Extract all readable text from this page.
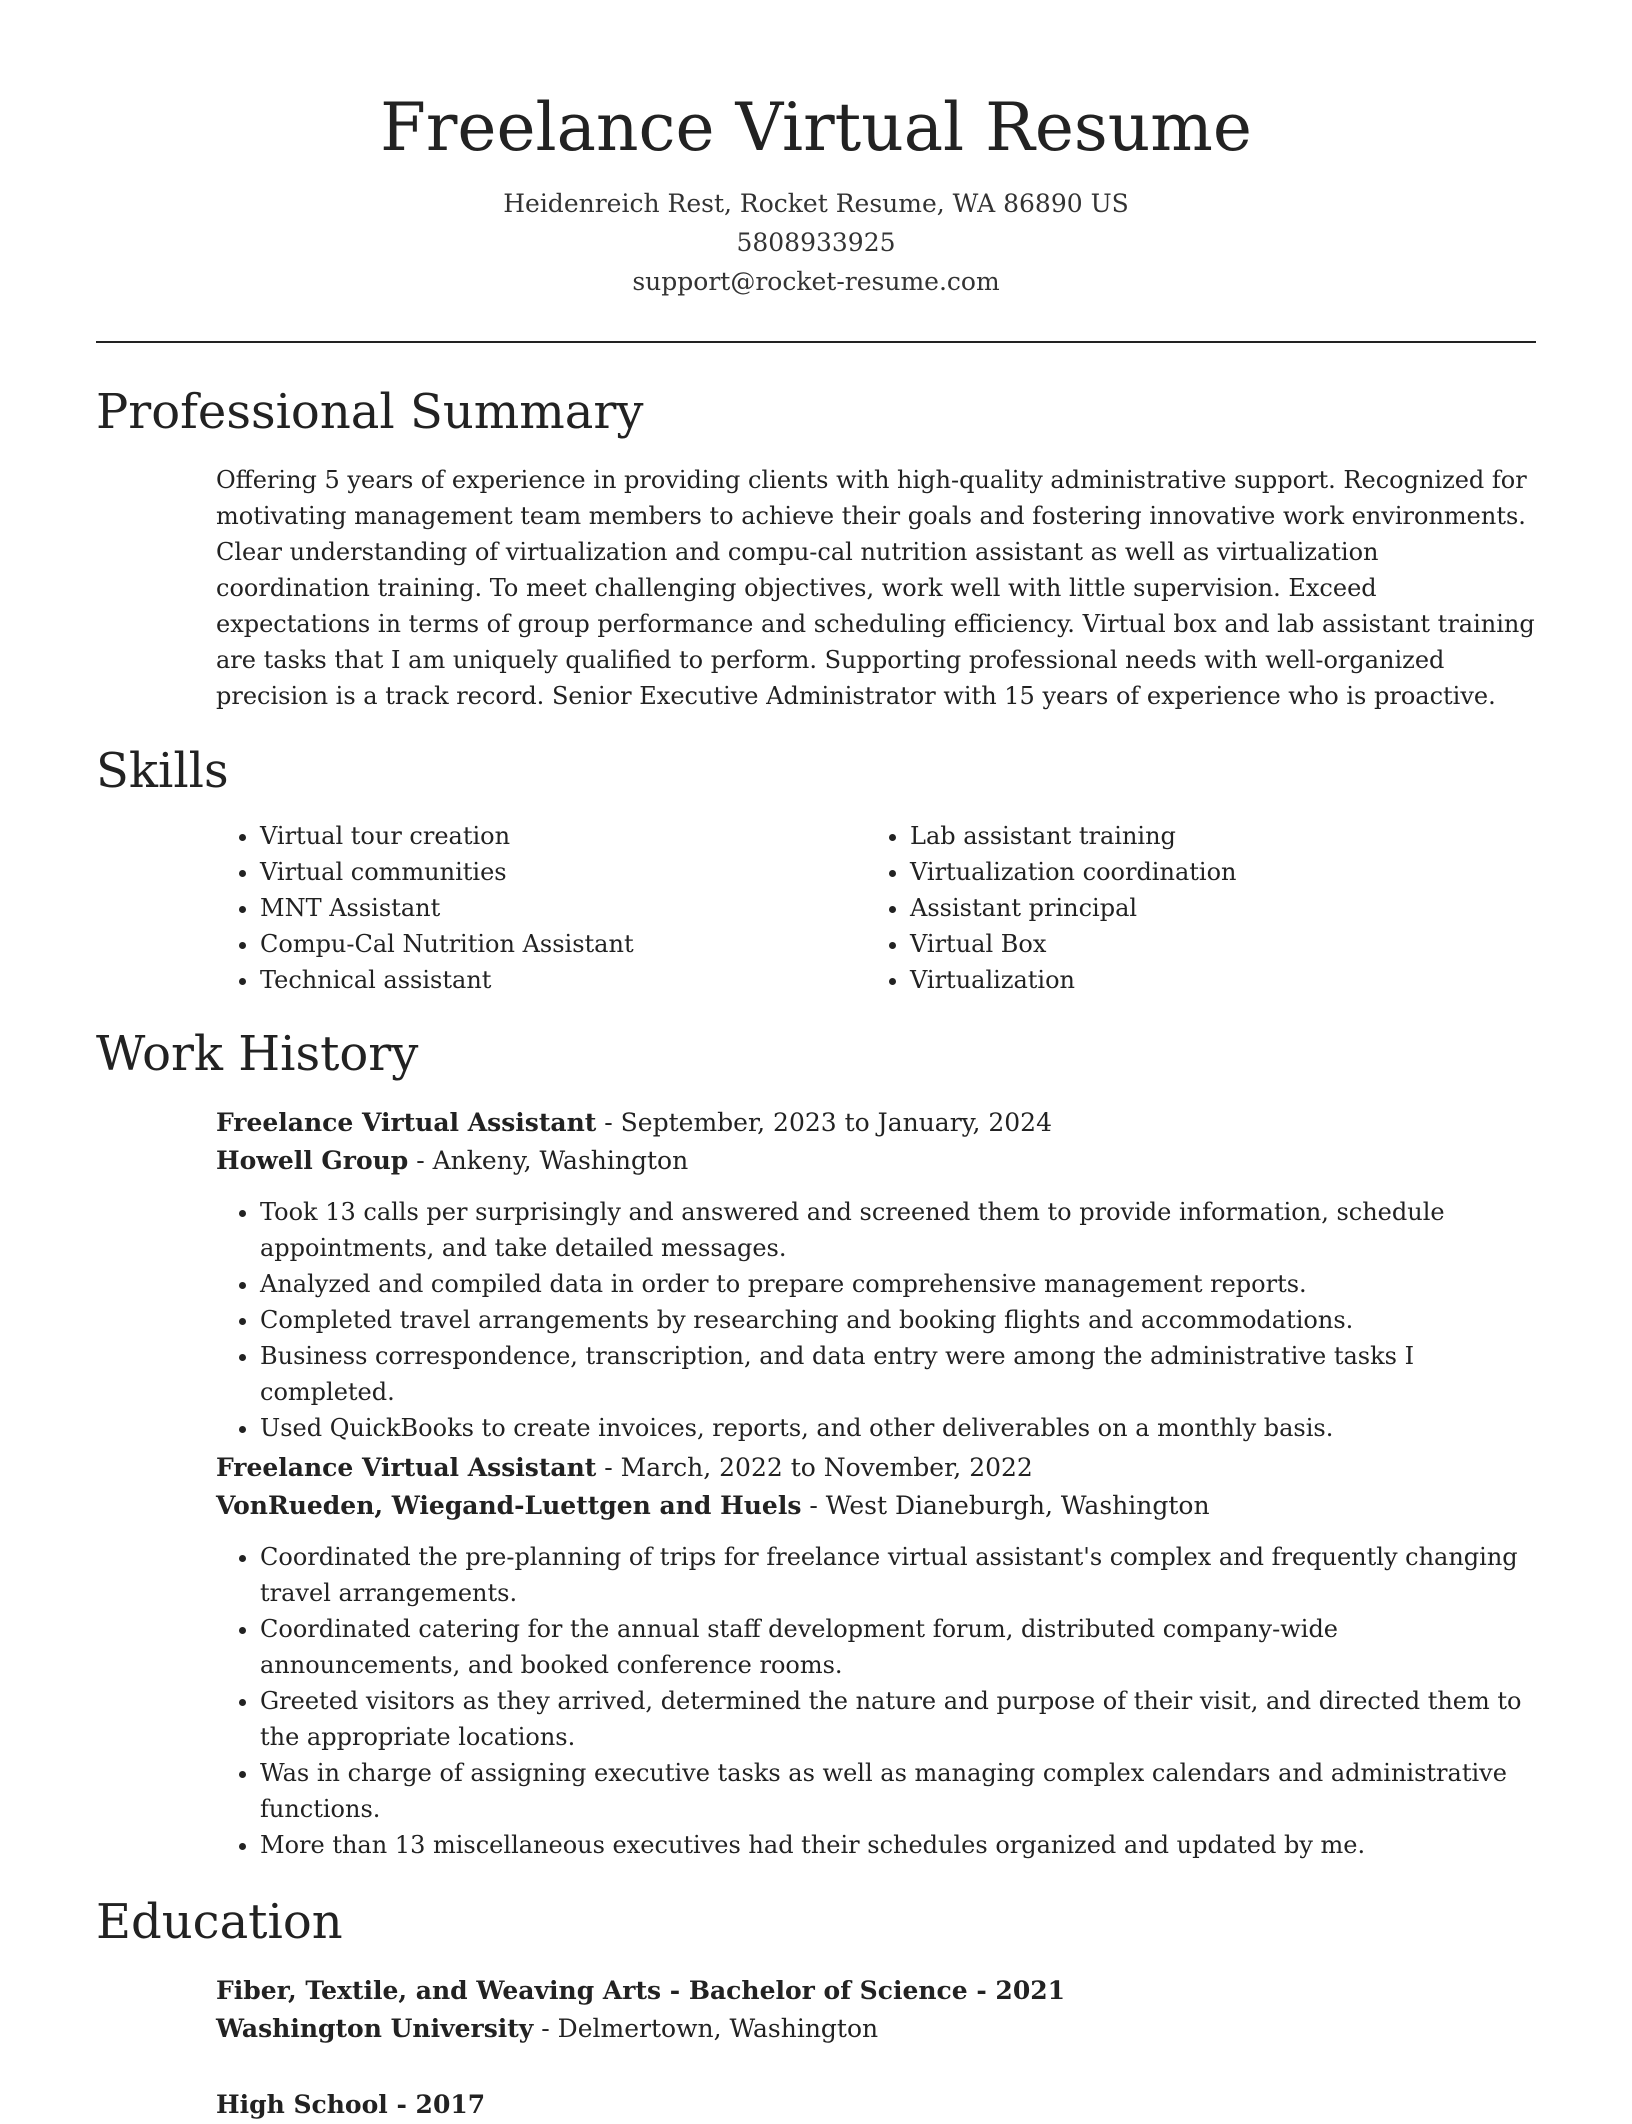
Freelance Virtual Resume
Heidenreich Rest, Rocket Resume, WA 86890 US
5808933925
support@rocket-resume.com
Professional Summary

Offering 5 years of experience in providing clients with high-quality administrative support. Recognized for motivating management team members to achieve their goals and fostering innovative work environments. Clear understanding of virtualization and compu-cal nutrition assistant as well as virtualization coordination training. To meet challenging objectives, work well with little supervision. Exceed expectations in terms of group performance and scheduling efficiency. Virtual box and lab assistant training are tasks that I am uniquely qualified to perform. Supporting professional needs with well-organized precision is a track record. Senior Executive Administrator with 15 years of experience who is proactive.

Skills
• Virtual tour creation
• Virtual communities
• MNT Assistant
• Compu-Cal Nutrition Assistant
• Technical assistant
• Lab assistant training
• Virtualization coordination
• Assistant principal
• Virtual Box
• Virtualization
Work History
Freelance Virtual Assistant - September, 2023 to January, 2024
Howell Group - Ankeny, Washington
• Took 13 calls per surprisingly and answered and screened them to provide information, schedule appointments, and take detailed messages.
• Analyzed and compiled data in order to prepare comprehensive management reports.
• Completed travel arrangements by researching and booking flights and accommodations.
• Business correspondence, transcription, and data entry were among the administrative tasks I completed.
• Used QuickBooks to create invoices, reports, and other deliverables on a monthly basis.
Freelance Virtual Assistant - March, 2022 to November, 2022
VonRueden, Wiegand-Luettgen and Huels - West Dianeburgh, Washington
• Coordinated the pre-planning of trips for freelance virtual assistant's complex and frequently changing travel arrangements.
• Coordinated catering for the annual staff development forum, distributed company-wide announcements, and booked conference rooms.
• Greeted visitors as they arrived, determined the nature and purpose of their visit, and directed them to the appropriate locations.
• Was in charge of assigning executive tasks as well as managing complex calendars and administrative functions.
• More than 13 miscellaneous executives had their schedules organized and updated by me.
Education
Fiber, Textile, and Weaving Arts - Bachelor of Science - 2021
Washington University - Delmertown, Washington
High School - 2017
